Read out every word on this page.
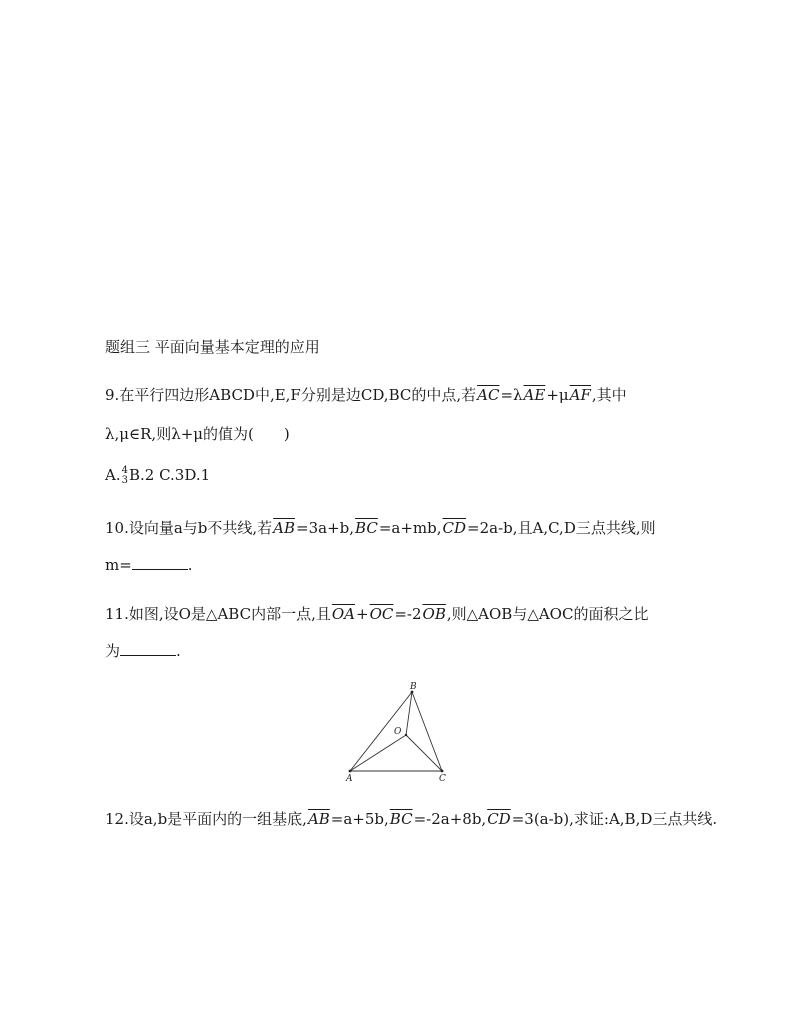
题组三 平面向量基本定理的应用
9.在平行四边形ABCD中,E,F分别是边CD,BC的中点,若$\overline{AC}=\lambda\overline{AE}+\mu\overline{AF}$,其中
λ,μ∈R,则λ+μ的值为(　　)
A. 4
3 B.2 C.3D.1
10.设向量a与b不共线,若$\overline{AB}=3a+b,\overline{BC}=a+mb,\overline{CD}=2a-b$,且A,C,D三点共线,则
m=	.
11.如图,设O是△ABC内部一点,且$\overline{OA}+\overline{OC}=-2\overline{OB}$,则△AOB与△AOC的面积之比
为	.
B
O
A	C
12.设a,b是平面内的一组基底$,\overline{AB}=a+5b,\overline{BC}=-2a+8b,\overline{CD}=3(a-b)$,求证:A,B,D三点共线.
